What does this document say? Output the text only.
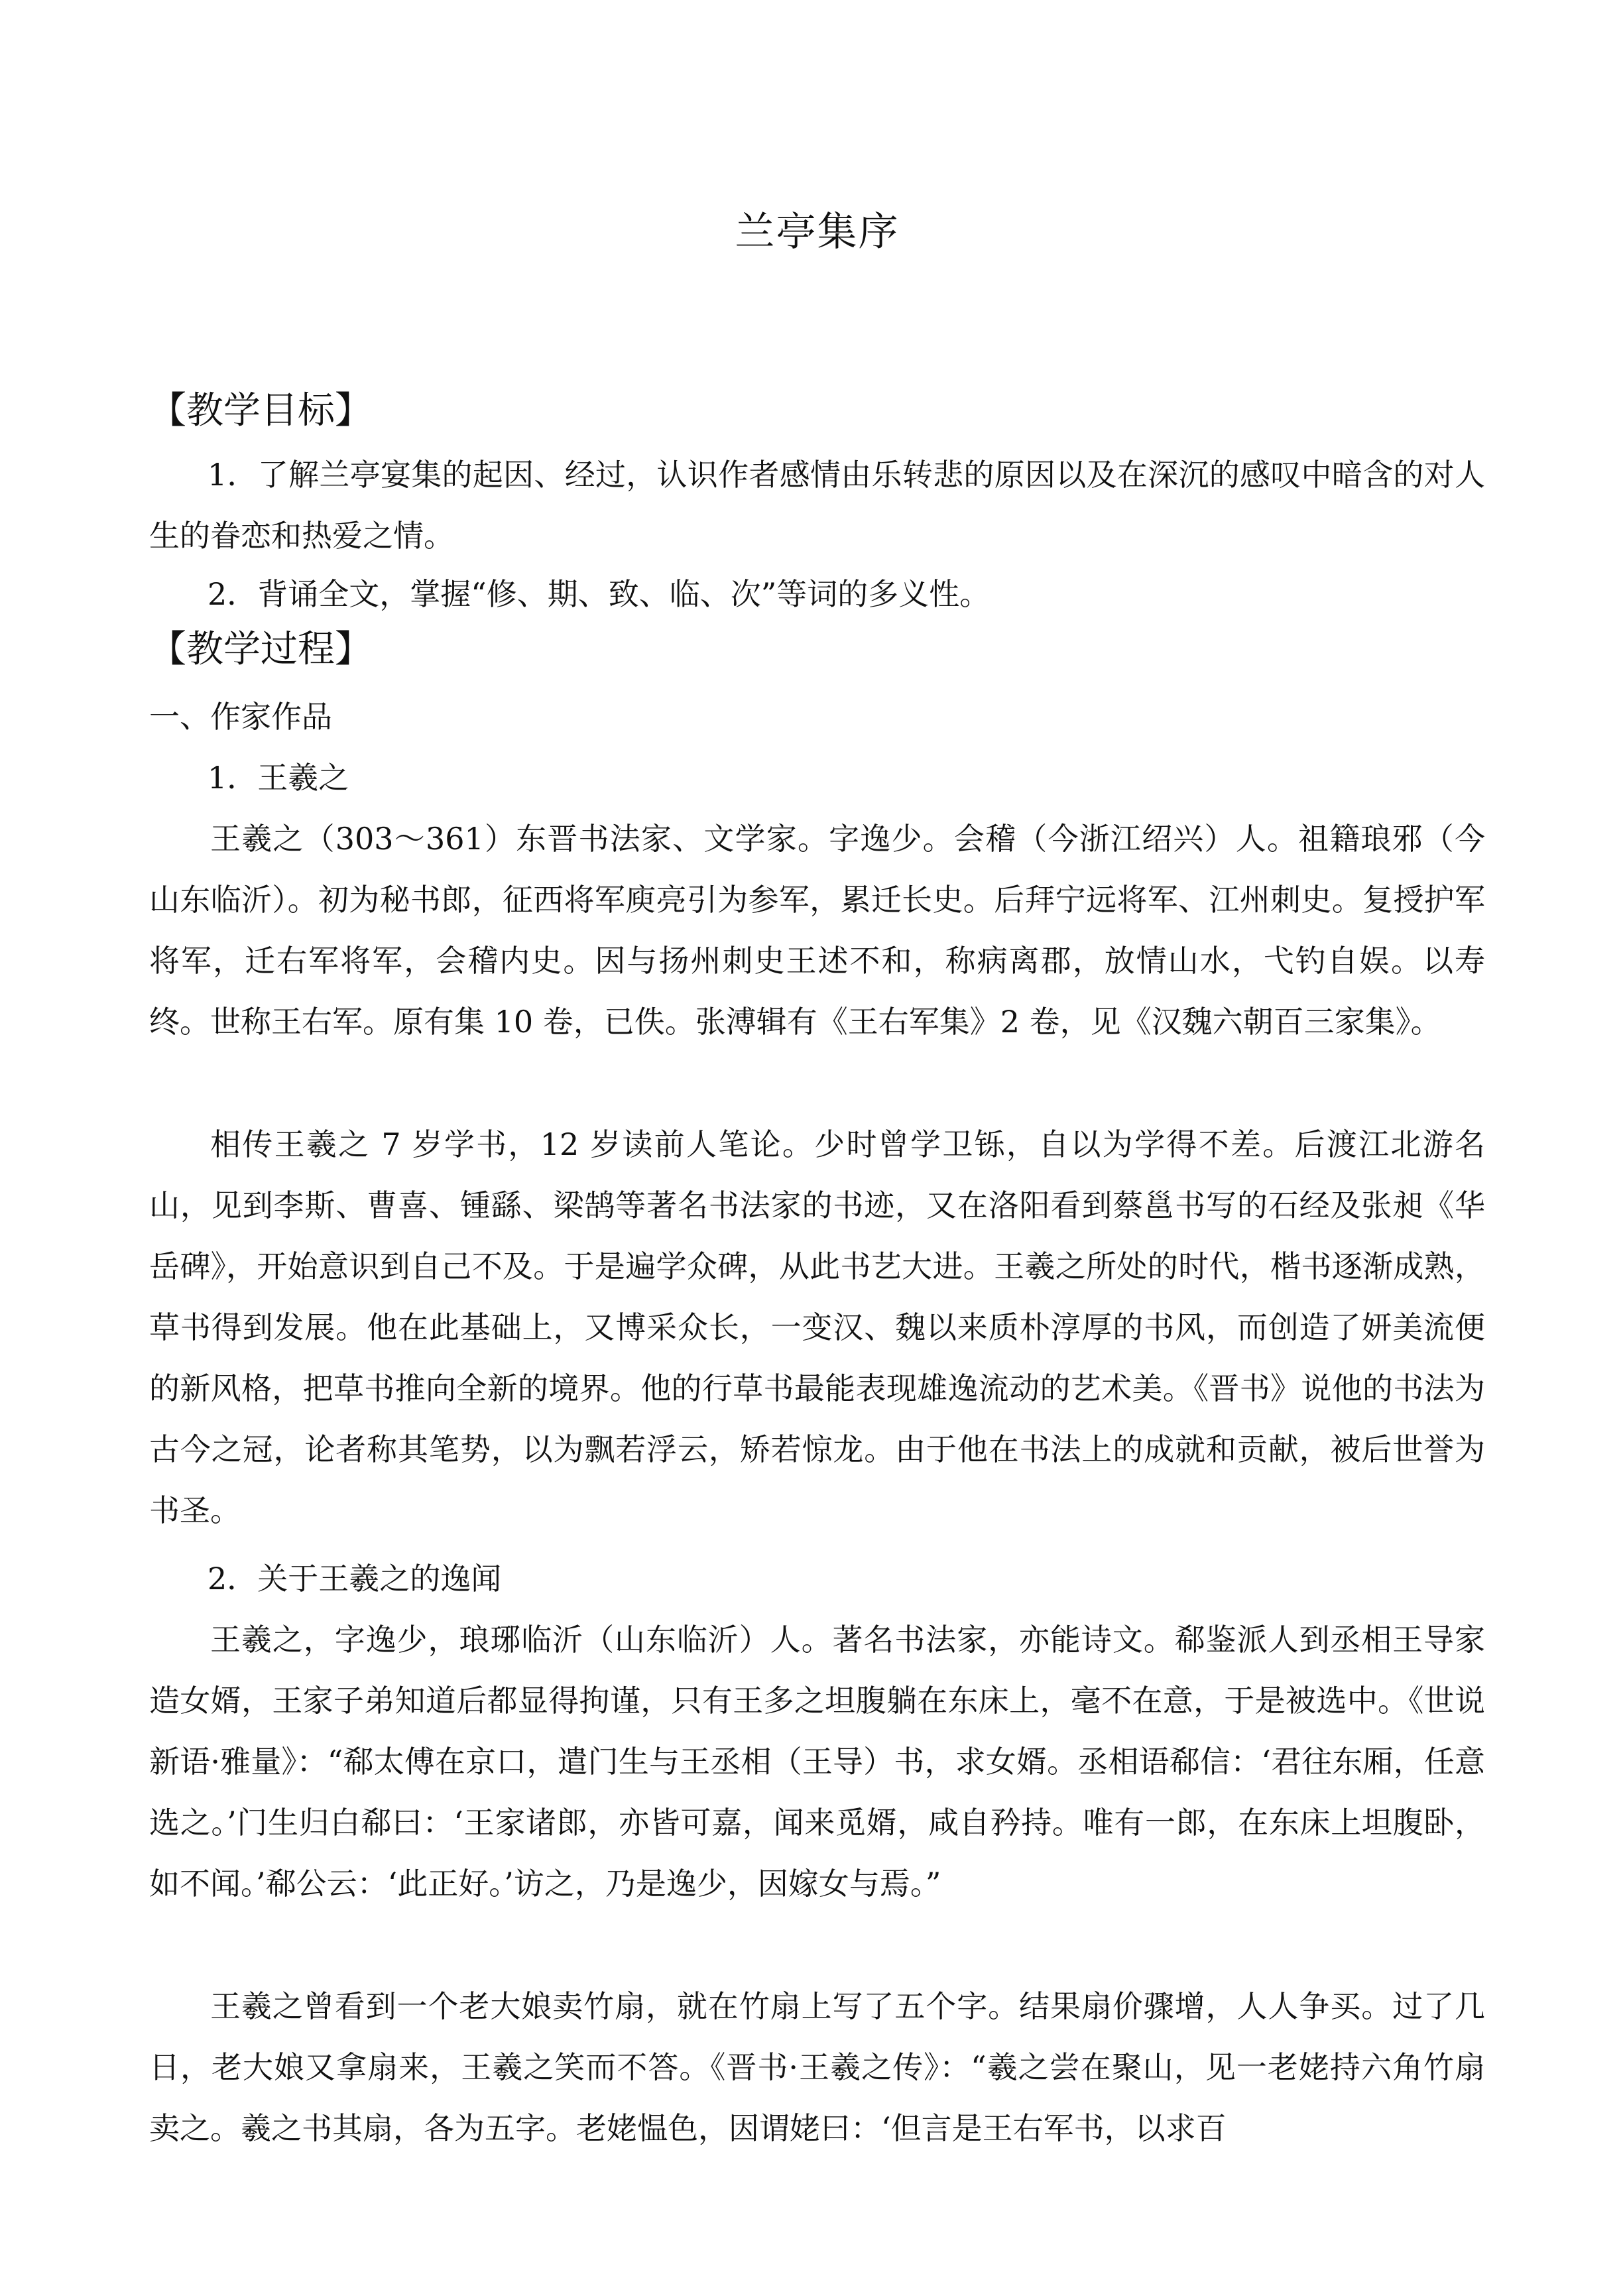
兰亭集序
【教学目标】

1．了解兰亭宴集的起因、经过，认识作者感情由乐转悲的原因以及在深沉的感叹中暗含的对人生的眷恋和热爱之情。

2．背诵全文，掌握“修、期、致、临、次”等词的多义性。

【教学过程】
一、作家作品
1．王羲之

王羲之（303～361）东晋书法家、文学家。字逸少。会稽（今浙江绍兴）人。祖籍琅邪（今山东临沂）。初为秘书郎，征西将军庾亮引为参军，累迁长史。后拜宁远将军、江州刺史。复授护军将军，迁右军将军，会稽内史。因与扬州刺史王述不和，称病离郡，放情山水，弋钓自娱。以寿终。世称王右军。原有集 10 卷，已佚。张溥辑有《王右军集》2 卷，见《汉魏六朝百三家集》。

相传王羲之 7 岁学书，12 岁读前人笔论。少时曾学卫铄，自以为学得不差。后渡江北游名山，见到李斯、曹喜、锺繇、梁鹄等著名书法家的书迹，又在洛阳看到蔡邕书写的石经及张昶《华岳碑》，开始意识到自己不及。于是遍学众碑，从此书艺大进。王羲之所处的时代，楷书逐渐成熟，草书得到发展。他在此基础上，又博采众长，一变汉、魏以来质朴淳厚的书风，而创造了妍美流便的新风格，把草书推向全新的境界。他的行草书最能表现雄逸流动的艺术美。《晋书》说他的书法为古今之冠，论者称其笔势，以为飘若浮云，矫若惊龙。由于他在书法上的成就和贡献，被后世誉为书圣。

2．关于王羲之的逸闻

王羲之，字逸少，琅琊临沂（山东临沂）人。著名书法家，亦能诗文。郗鉴派人到丞相王导家造女婿，王家子弟知道后都显得拘谨，只有王多之坦腹躺在东床上，毫不在意，于是被选中。《世说新语·雅量》：“郗太傅在京口，遣门生与王丞相（王导）书，求女婿。丞相语郗信：‘君往东厢，任意选之。’门生归白郗曰：‘王家诸郎，亦皆可嘉，闻来觅婿，咸自矜持。唯有一郎，在东床上坦腹卧，如不闻。’郗公云：‘此正好。’访之，乃是逸少，因嫁女与焉。”

王羲之曾看到一个老大娘卖竹扇，就在竹扇上写了五个字。结果扇价骤增，人人争买。过了几日，老大娘又拿扇来，王羲之笑而不答。《晋书·王羲之传》：“羲之尝在聚山，见一老姥持六角竹扇卖之。羲之书其扇，各为五字。老姥愠色，因谓姥曰：‘但言是王右军书，以求百
